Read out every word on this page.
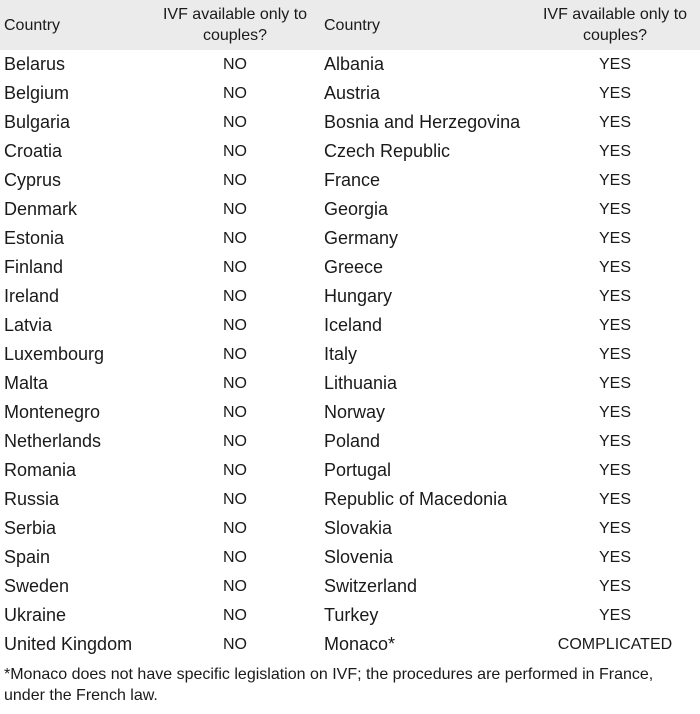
Country	IVF available only to couples?	Country	IVF available only to couples?
Belarus	NO	Albania	YES
Belgium	NO	Austria	YES
Bulgaria	NO	Bosnia and Herzegovina	YES
Croatia	NO	Czech Republic	YES
Cyprus	NO	France	YES
Denmark	NO	Georgia	YES
Estonia	NO	Germany	YES
Finland	NO	Greece	YES
Ireland	NO	Hungary	YES
Latvia	NO	Iceland	YES
Luxembourg	NO	Italy	YES
Malta	NO	Lithuania	YES
Montenegro	NO	Norway	YES
Netherlands	NO	Poland	YES
Romania	NO	Portugal	YES
Russia	NO	Republic of Macedonia	YES
Serbia	NO	Slovakia	YES
Spain	NO	Slovenia	YES
Sweden	NO	Switzerland	YES
Ukraine	NO	Turkey	YES
United Kingdom	NO	Monaco*	COMPLICATED
*Monaco does not have specific legislation on IVF; the procedures are performed in France, under the French law.
